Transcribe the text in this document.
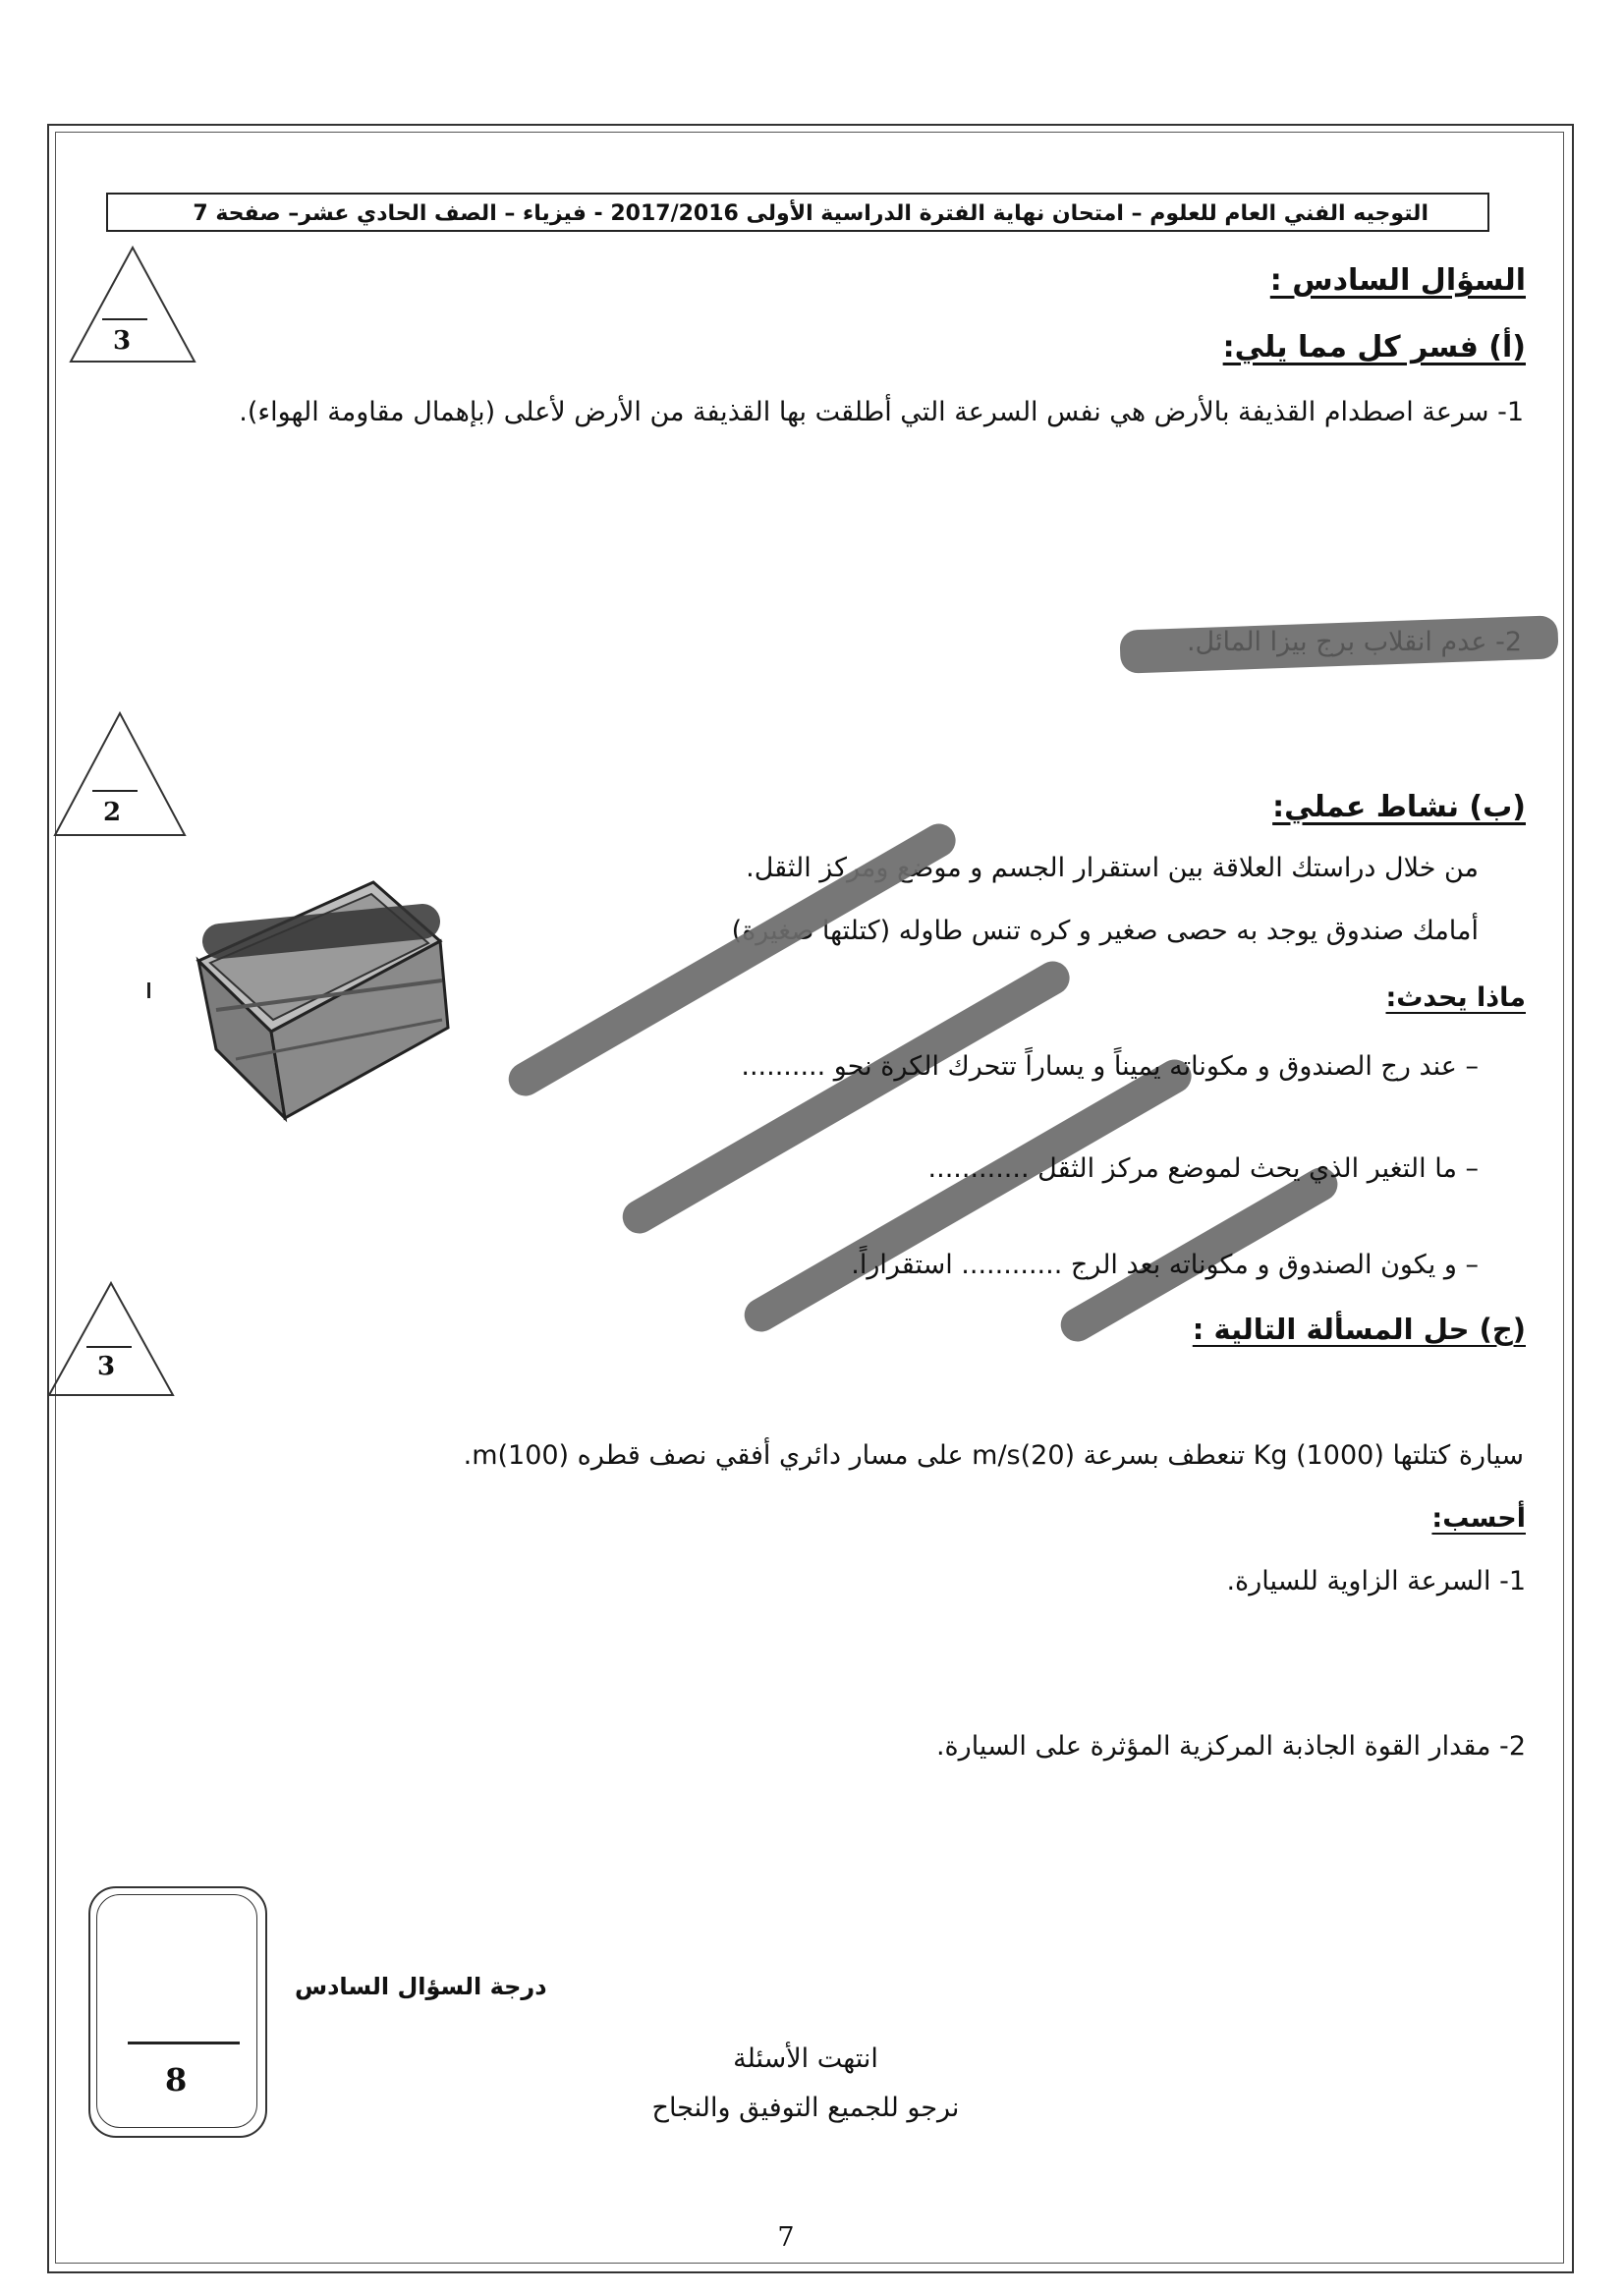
التوجيه الفني العام للعلوم – امتحان نهاية الفترة الدراسية الأولى 2017/2016 - فيزياء – الصف الحادي عشر– صفحة 7
3
السؤال السادس :
(أ) فسر كل مما يلي:
1- سرعة اصطدام القذيفة بالأرض هي نفس السرعة التي أطلقت بها القذيفة من الأرض لأعلى (بإهمال مقاومة الهواء).
2- عدم انقلاب برج بيزا المائل.
2	(ب) نشاط عملي:
من خلال دراستك العلاقة بين استقرار الجسم و موضع ومركز الثقل.
أمامك صندوق يوجد به حصى صغير و كره تنس طاوله (كتلتها صغيرة)
ماذا يحدث:
– عند رج الصندوق و مكوناته يميناً و يساراً تتحرك الكرة نحو ..........
– ما التغير الذي يحث لموضع مركز الثقل ............
– و يكون الصندوق و مكوناته بعد الرج ............ استقراراً.
3
(ج) حل المسألة التالية :
سيارة كتلتها Kg (1000) تنعطف بسرعة m/s(20) على مسار دائري أفقي نصف قطره m(100).
أحسب:
1- السرعة الزاوية للسيارة.
2- مقدار القوة الجاذبة المركزية المؤثرة على السيارة.
8
درجة السؤال السادس
انتهت الأسئلة
نرجو للجميع التوفيق والنجاح
7
